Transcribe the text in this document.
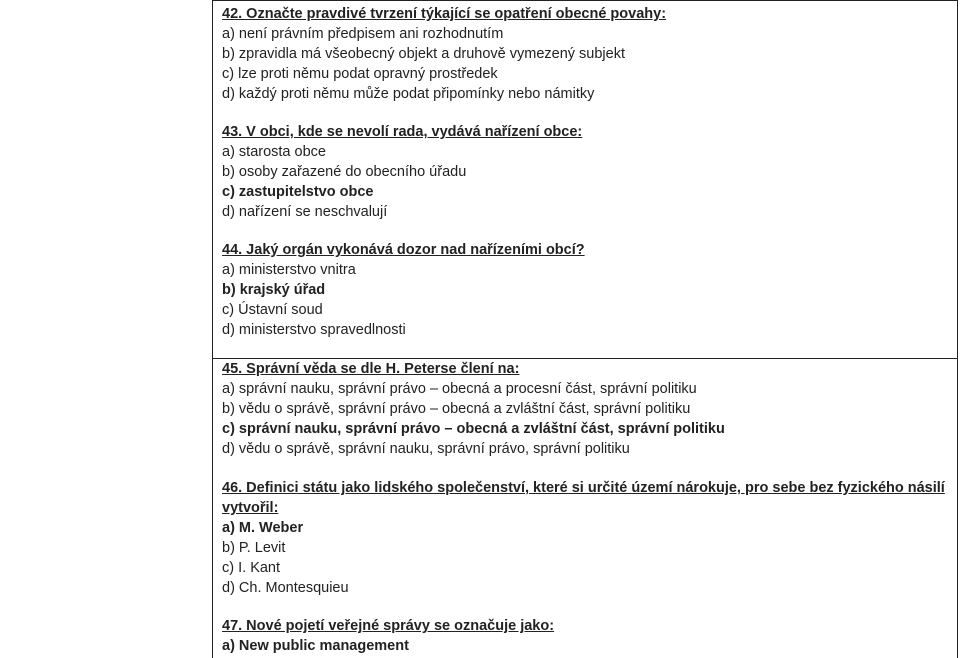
42. Označte pravdivé tvrzení týkající se opatření obecné povahy:
a) není právním předpisem ani rozhodnutím
b) zpravidla má všeobecný objekt a druhově vymezený subjekt
c) lze proti němu podat opravný prostředek
d) každý proti němu může podat připomínky nebo námitky
43. V obci, kde se nevolí rada, vydává nařízení obce:
a) starosta obce
b) osoby zařazené do obecního úřadu
c) zastupitelstvo obce
d) nařízení se neschvalují
44. Jaký orgán vykonává dozor nad nařízeními obcí?
a) ministerstvo vnitra
b) krajský úřad
c) Ústavní soud
d) ministerstvo spravedlnosti
45. Správní věda se dle H. Peterse člení na:
a) správní nauku, správní právo – obecná a procesní část, správní politiku
b) vědu o správě, správní právo – obecná a zvláštní část, správní politiku
c) správní nauku, správní právo – obecná a zvláštní část, správní politiku
d) vědu o správě, správní nauku, správní právo, správní politiku
46. Definici státu jako lidského společenství, které si určité území nárokuje, pro sebe bez fyzického násilí vytvořil:
a) M. Weber
b) P. Levit
c) I. Kant
d) Ch. Montesquieu
47. Nové pojetí veřejné správy se označuje jako:
a) New public management
